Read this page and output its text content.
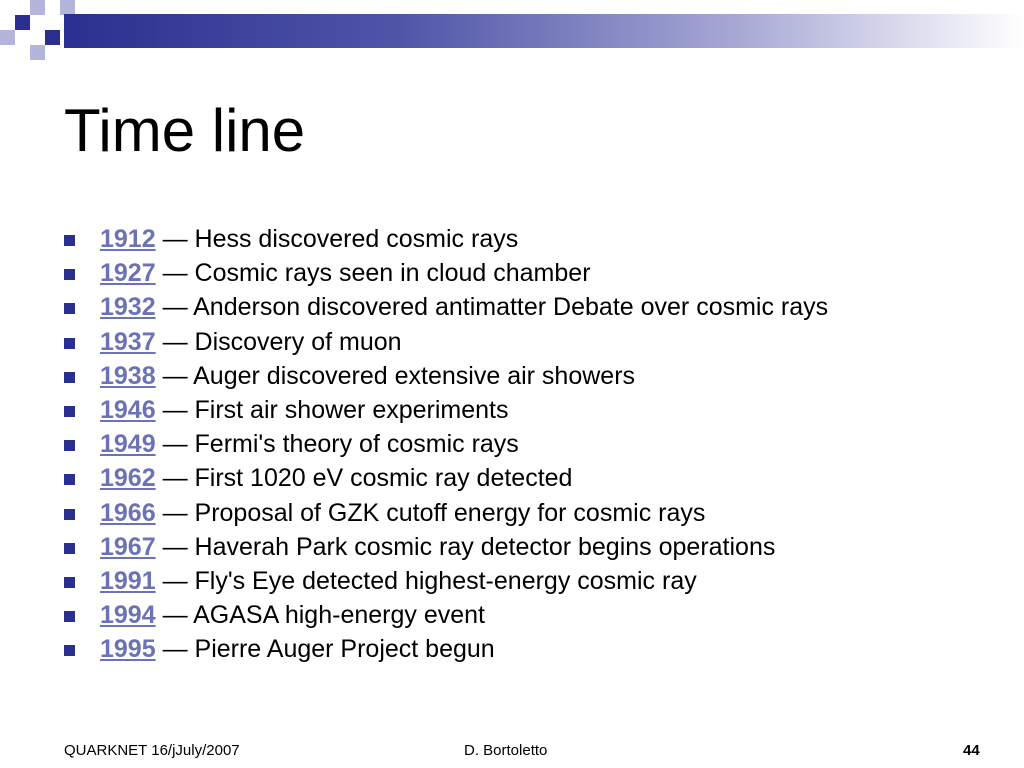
Time line
1912 — Hess discovered cosmic rays
1927 — Cosmic rays seen in cloud chamber
1932 — Anderson discovered antimatter Debate over cosmic rays
1937 — Discovery of muon
1938 — Auger discovered extensive air showers
1946 — First air shower experiments
1949 — Fermi's theory of cosmic rays
1962 — First 1020 eV cosmic ray detected
1966 — Proposal of GZK cutoff energy for cosmic rays
1967 — Haverah Park cosmic ray detector begins operations
1991 — Fly's Eye detected highest-energy cosmic ray
1994 — AGASA high-energy event
1995 — Pierre Auger Project begun
QUARKNET 16/jJuly/2007	D. Bortoletto	44
